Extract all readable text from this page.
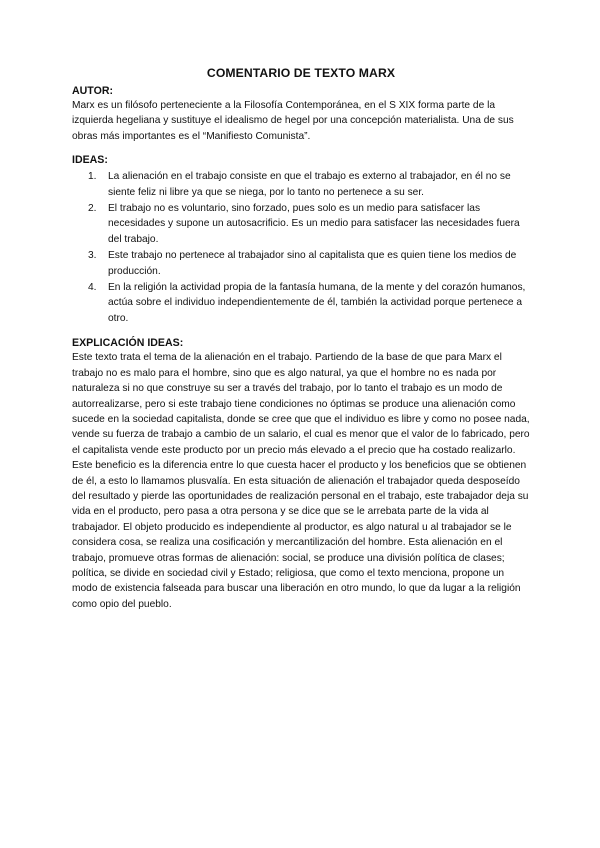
COMENTARIO DE TEXTO MARX
AUTOR:

Marx es un filósofo perteneciente a la Filosofía Contemporánea, en el S XIX forma parte de la izquierda hegeliana y sustituye el idealismo de hegel por una concepción materialista. Una de sus obras más importantes es el “Manifiesto Comunista”.

IDEAS:
1. La alienación en el trabajo consiste en que el trabajo es externo al trabajador, en él no se siente feliz ni libre ya que se niega, por lo tanto no pertenece a su ser.
2. El trabajo no es voluntario, sino forzado, pues solo es un medio para satisfacer las necesidades y supone un autosacrificio. Es un medio para satisfacer las necesidades fuera del trabajo.
3. Este trabajo no pertenece al trabajador sino al capitalista que es quien tiene los medios de producción.
4. En la religión la actividad propia de la fantasía humana, de la mente y del corazón humanos, actúa sobre el individuo independientemente de él, también la actividad porque pertenece a otro.
EXPLICACIÓN IDEAS:

Este texto trata el tema de la alienación en el trabajo. Partiendo de la base de que para Marx el trabajo no es malo para el hombre, sino que es algo natural, ya que el hombre no es nada por naturaleza si no que construye su ser a través del trabajo, por lo tanto el trabajo es un modo de autorrealizarse, pero si este trabajo tiene condiciones no óptimas se produce una alienación como sucede en la sociedad capitalista, donde se cree que que el individuo es libre y como no posee nada, vende su fuerza de trabajo a cambio de un salario, el cual es menor que el valor de lo fabricado, pero el capitalista vende este producto por un precio más elevado a el precio que ha costado realizarlo. Este beneficio es la diferencia entre lo que cuesta hacer el producto y los beneficios que se obtienen de él, a esto lo llamamos plusvalía. En esta situación de alienación el trabajador queda desposeído del resultado y pierde las oportunidades de realización personal en el trabajo, este trabajador deja su vida en el producto, pero pasa a otra persona y se dice que se le arrebata parte de la vida al trabajador. El objeto producido es independiente al productor, es algo natural u al trabajador se le considera cosa, se realiza una cosificación y mercantilización del hombre. Esta alienación en el trabajo, promueve otras formas de alienación: social, se produce una división política de clases; política, se divide en sociedad civil y Estado; religiosa, que como el texto menciona, propone un modo de existencia falseada para buscar una liberación en otro mundo, lo que da lugar a la religión como opio del pueblo.
